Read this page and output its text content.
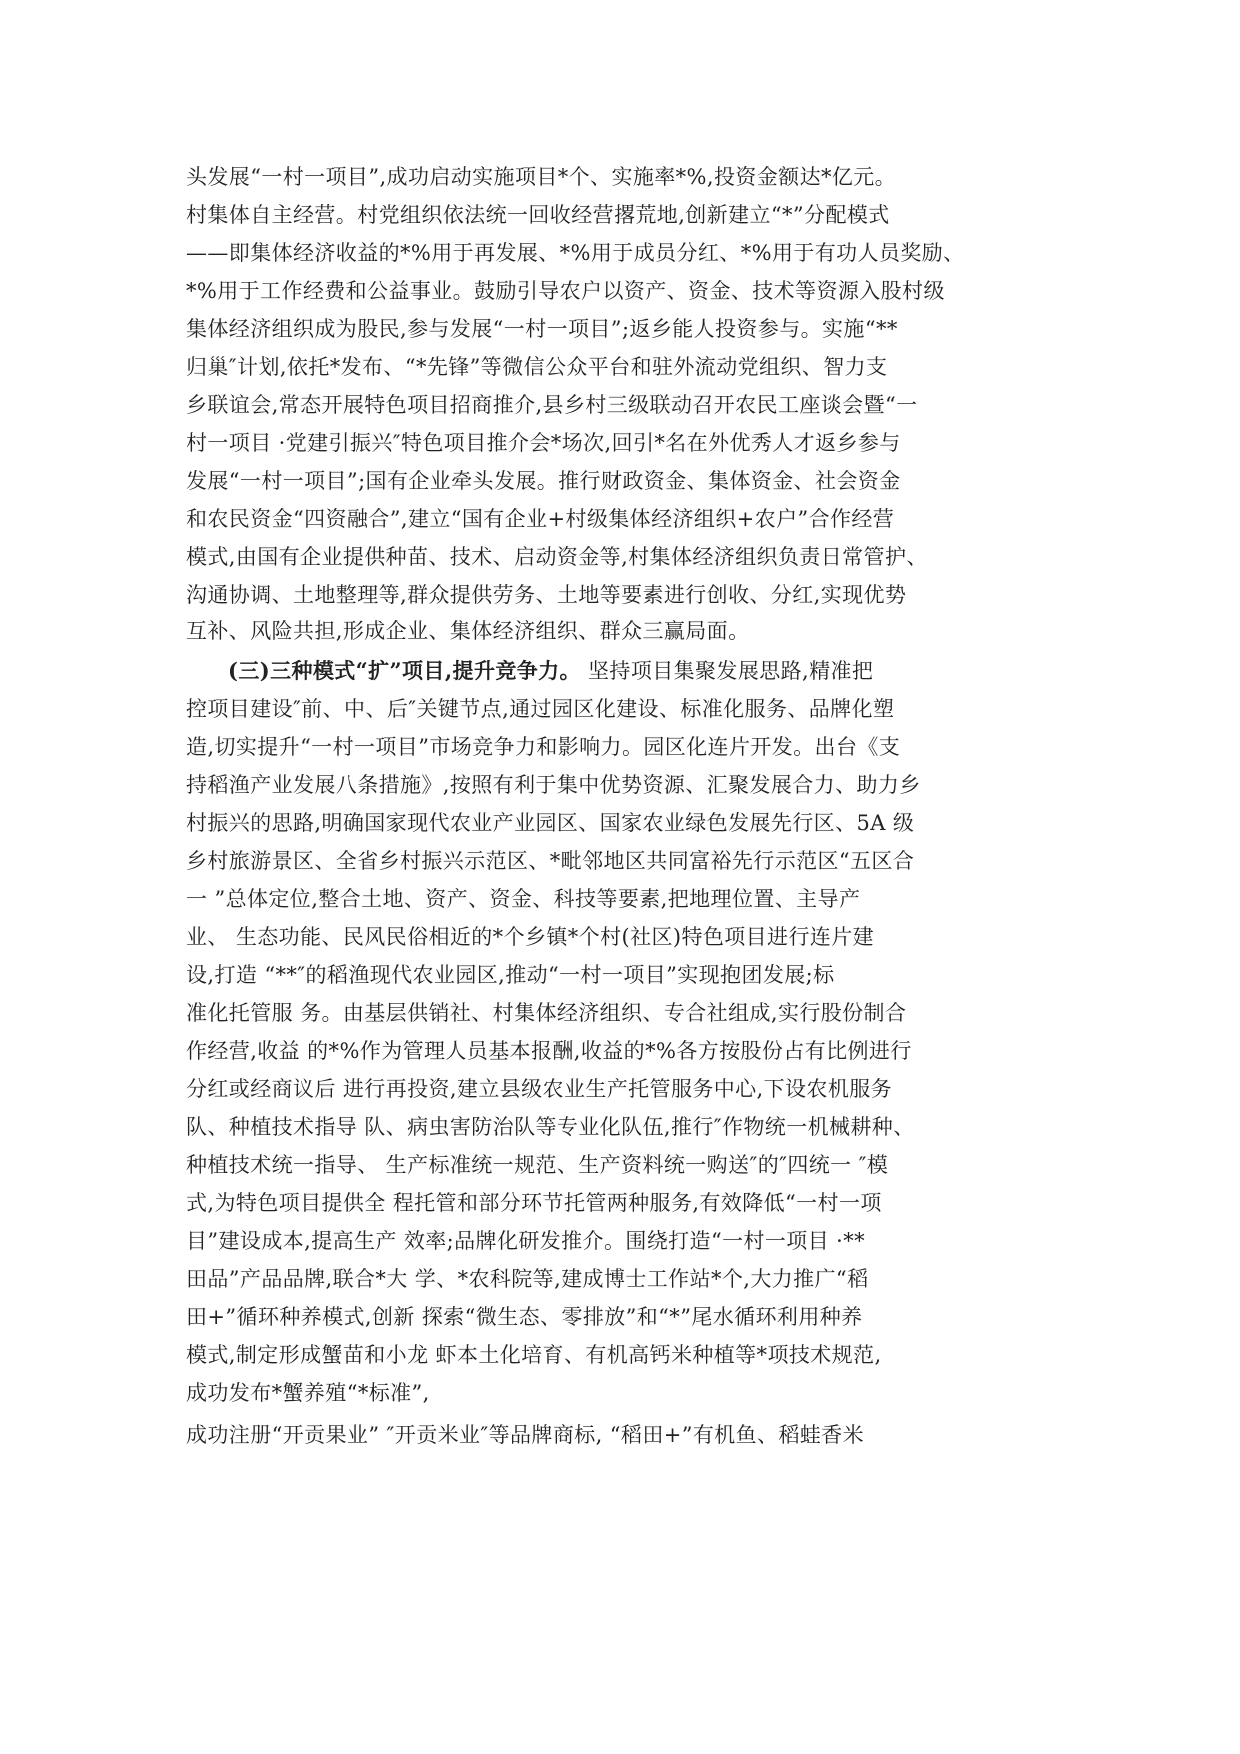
头发展“一村一项目”,成功启动实施项目*个、实施率*%,投资金额达*亿元。
村集体自主经营。村党组织依法统一回收经营撂荒地,创新建立“*”分配模式
——即集体经济收益的*%用于再发展、*%用于成员分红、*%用于有功人员奖励、
*%用于工作经费和公益事业。鼓励引导农户以资产、资金、技术等资源入股村级
集体经济组织成为股民,参与发展“一村一项目”;返乡能人投资参与。实施“**
归巢″计划,依托*发布、“*先锋”等微信公众平台和驻外流动党组织、智力支
乡联谊会,常态开展特色项目招商推介,县乡村三级联动召开农民工座谈会暨“一
村一项目 ·党建引振兴″特色项目推介会*场次,回引*名在外优秀人才返乡参与
发展“一村一项目”;国有企业牵头发展。推行财政资金、集体资金、社会资金
和农民资金“四资融合”,建立“国有企业+村级集体经济组织+农户”合作经营
模式,由国有企业提供种苗、技术、启动资金等,村集体经济组织负责日常管护、
沟通协调、土地整理等,群众提供劳务、土地等要素进行创收、分红,实现优势
互补、风险共担,形成企业、集体经济组织、群众三赢局面。
(三)三种模式“扩”项目,提升竞争力。 坚持项目集聚发展思路,精准把
控项目建设″前、中、后″关键节点,通过园区化建设、标准化服务、品牌化塑
造,切实提升“一村一项目”市场竞争力和影响力。园区化连片开发。出台《支
持稻渔产业发展八条措施》,按照有利于集中优势资源、汇聚发展合力、助力乡
村振兴的思路,明确国家现代农业产业园区、国家农业绿色发展先行区、5A 级
乡村旅游景区、全省乡村振兴示范区、*毗邻地区共同富裕先行示范区“五区合
一 ”总体定位,整合土地、资产、资金、科技等要素,把地理位置、主导产
业、 生态功能、民风民俗相近的*个乡镇*个村(社区)特色项目进行连片建
设,打造 “**″的稻渔现代农业园区,推动“一村一项目”实现抱团发展;标
准化托管服 务。由基层供销社、村集体经济组织、专合社组成,实行股份制合
作经营,收益 的*%作为管理人员基本报酬,收益的*%各方按股份占有比例进行
分红或经商议后 进行再投资,建立县级农业生产托管服务中心,下设农机服务
队、种植技术指导 队、病虫害防治队等专业化队伍,推行″作物统一机械耕种、
种植技术统一指导、 生产标准统一规范、生产资料统一购送″的″四统一 ″模
式,为特色项目提供全 程托管和部分环节托管两种服务,有效降低“一村一项
目”建设成本,提高生产 效率;品牌化研发推介。围绕打造“一村一项目 ·**
田品”产品品牌,联合*大 学、*农科院等,建成博士工作站*个,大力推广“稻
田+”循环种养模式,创新 探索“微生态、零排放”和“*”尾水循环利用种养
模式,制定形成蟹苗和小龙 虾本土化培育、有机高钙米种植等*项技术规范,
成功发布*蟹养殖“*标准”,
成功注册“开贡果业” ″开贡米业″等品牌商标, “稻田+”有机鱼、稻蛙香米
